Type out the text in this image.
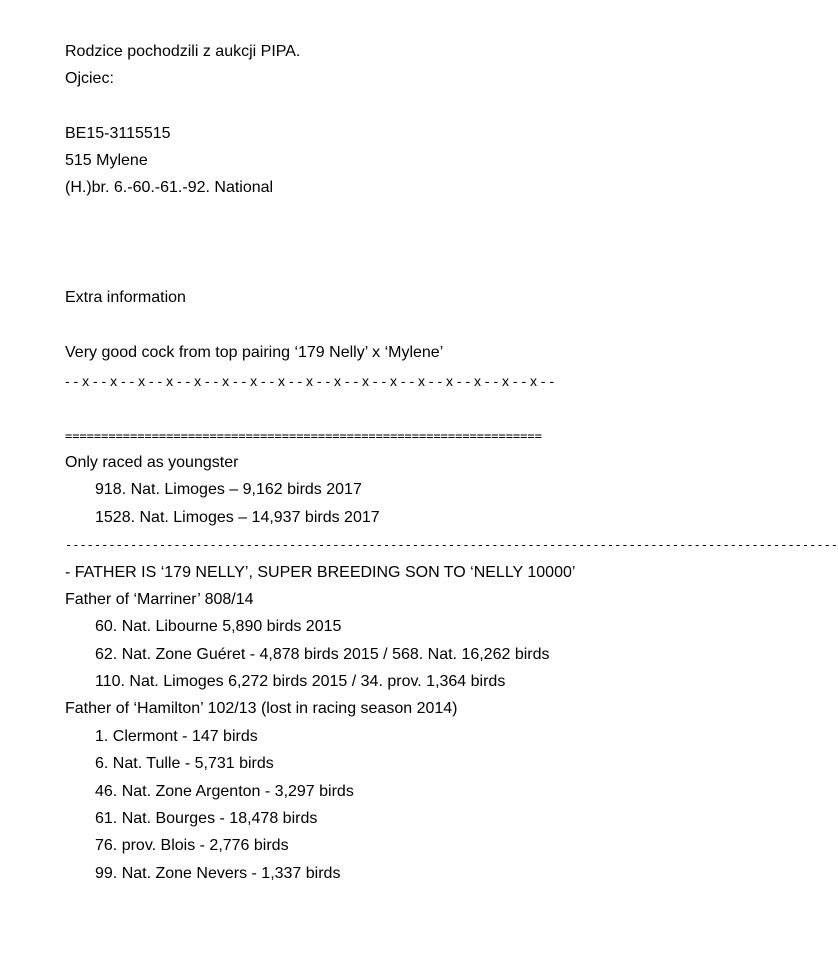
Rodzice pochodzili z aukcji PIPA.
Ojciec:
BE15-3115515
515 Mylene
(H.)br. 6.-60.-61.-92. National
Extra information
Very good cock from top pairing ‘179 Nelly’ x ‘Mylene’
- - x - - x - - x - - x - - x - - x - - x - - x - - x - - x - - x - - x - - x - - x - - x - - x - - x - -
==================================================================
Only raced as youngster
918. Nat. Limoges – 9,162 birds 2017
1528. Nat. Limoges – 14,937 birds 2017
-----------------------------------------------------------------------------------------------------------
- FATHER IS ‘179 NELLY’, SUPER BREEDING SON TO ‘NELLY 10000’
Father of ‘Marriner’ 808/14
60. Nat. Libourne 5,890 birds 2015
62. Nat. Zone Guéret - 4,878 birds 2015 / 568. Nat. 16,262 birds
110. Nat. Limoges 6,272 birds 2015 / 34. prov. 1,364 birds
Father of ‘Hamilton’ 102/13 (lost in racing season 2014)
1. Clermont - 147 birds
6. Nat. Tulle - 5,731 birds
46. Nat. Zone Argenton - 3,297 birds
61. Nat. Bourges - 18,478 birds
76. prov. Blois - 2,776 birds
99. Nat. Zone Nevers - 1,337 birds
